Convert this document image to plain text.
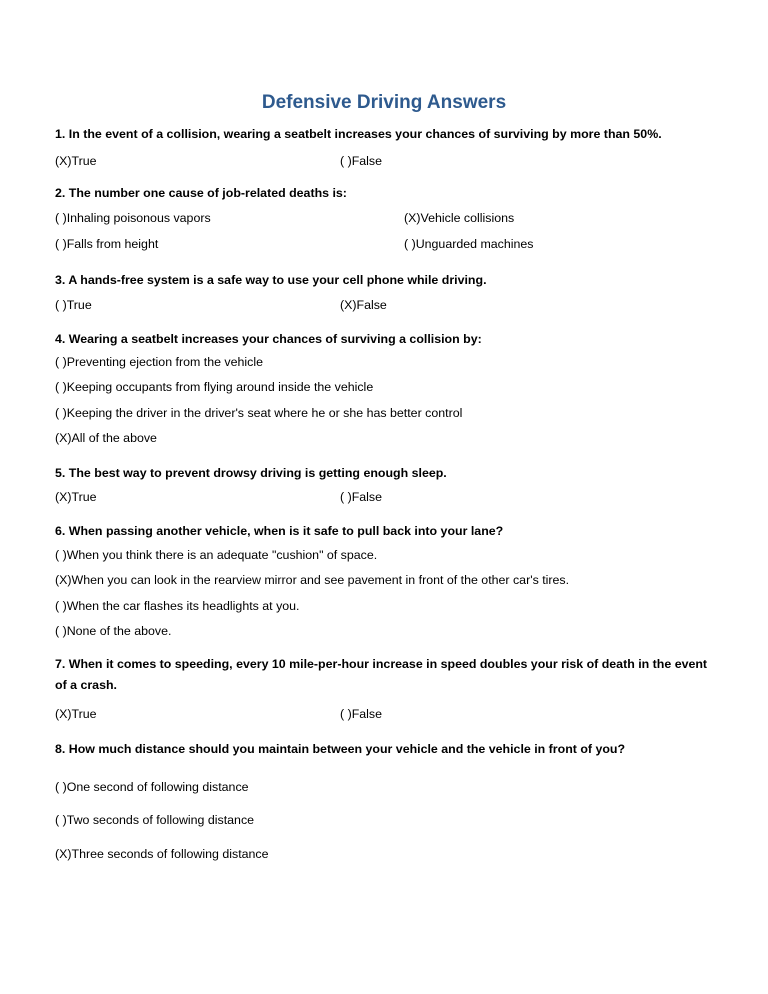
Defensive Driving Answers
1. In the event of a collision, wearing a seatbelt increases your chances of surviving by more than 50%.
(X)True	( )False
2. The number one cause of job-related deaths is:
( )Inhaling poisonous vapors	(X)Vehicle collisions
( )Falls from height	( )Unguarded machines
3. A hands-free system is a safe way to use your cell phone while driving.
( )True	(X)False
4. Wearing a seatbelt increases your chances of surviving a collision by:
( )Preventing ejection from the vehicle
( )Keeping occupants from flying around inside the vehicle
( )Keeping the driver in the driver's seat where he or she has better control
(X)All of the above
5. The best way to prevent drowsy driving is getting enough sleep.
(X)True	( )False
6. When passing another vehicle, when is it safe to pull back into your lane?
( )When you think there is an adequate "cushion" of space.
(X)When you can look in the rearview mirror and see pavement in front of the other car's tires.
( )When the car flashes its headlights at you.
( )None of the above.
7. When it comes to speeding, every 10 mile-per-hour increase in speed doubles your risk of death in the event of a crash.
(X)True	( )False
8. How much distance should you maintain between your vehicle and the vehicle in front of you?
( )One second of following distance
( )Two seconds of following distance
(X)Three seconds of following distance
